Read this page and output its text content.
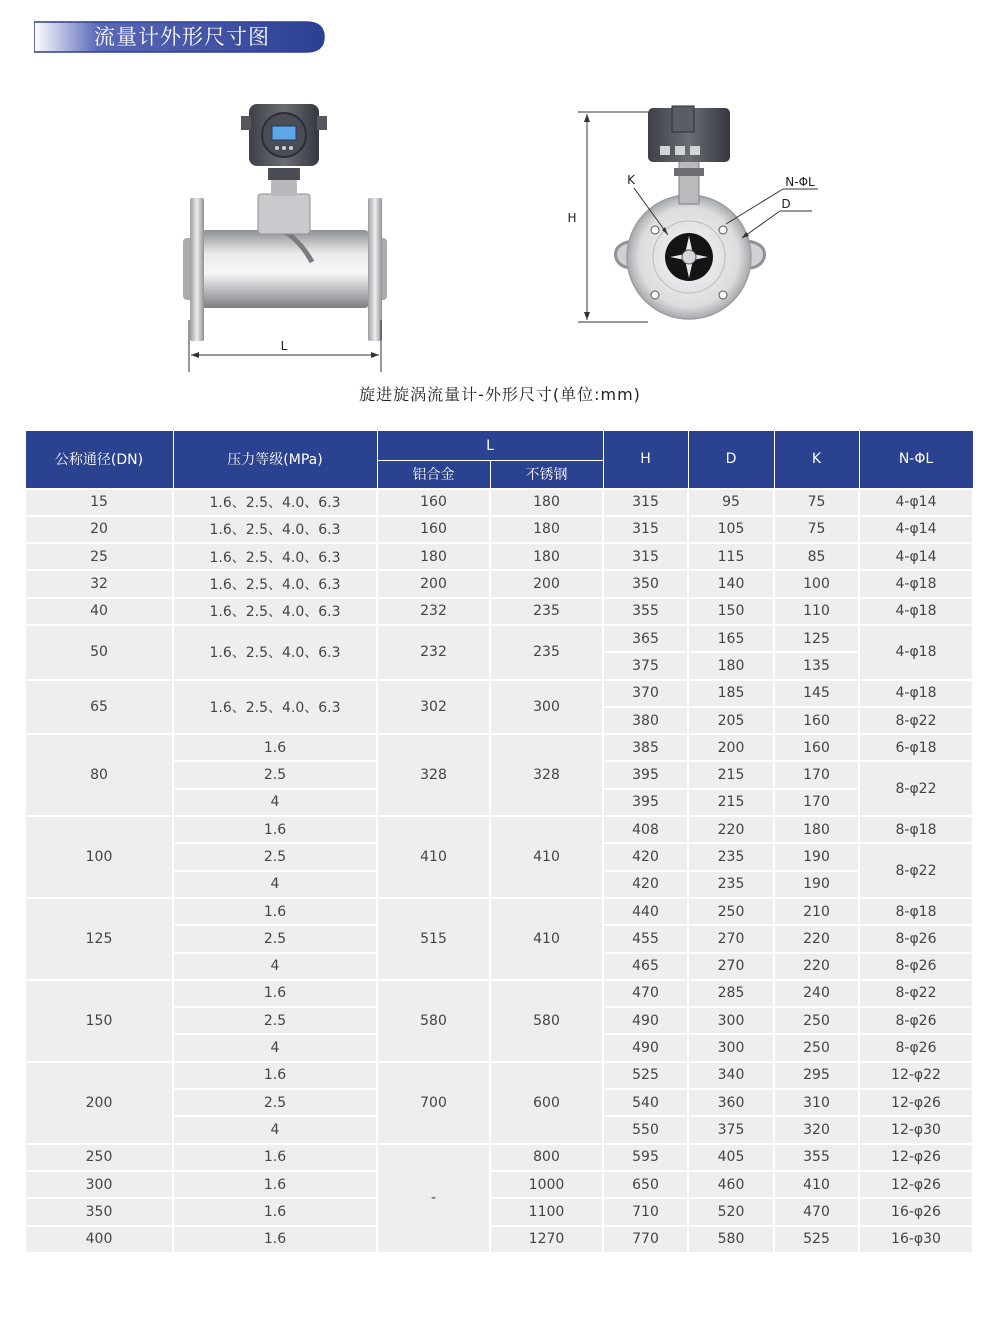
流量计外形尺寸图
L
H
K	N-ΦL
D
旋进旋涡流量计-外形尺寸(单位:mm)
公称通径(DN)	压力等级(MPa)	L		H	D	K	N-ΦL
		铝合金	不锈钢				
15	1.6、2.5、4.0、6.3	160	180	315	95	75	4-φ14
20	1.6、2.5、4.0、6.3	160	180	315	105	75	4-φ14
25	1.6、2.5、4.0、6.3	180	180	315	115	85	4-φ14
32	1.6、2.5、4.0、6.3	200	200	350	140	100	4-φ18
40	1.6、2.5、4.0、6.3	232	235	355	150	110	4-φ18
50	1.6、2.5、4.0、6.3	232	235	365	165	125	4-φ18
				375	180	135	
65	1.6、2.5、4.0、6.3	302	300	370	185	145	4-φ18
				380	205	160	8-φ22
80	1.6	328	328	385	200	160	6-φ18
	2.5			395	215	170	8-φ22
	4			395	215	170	
100	1.6	410	410	408	220	180	8-φ18
	2.5			420	235	190	8-φ22
	4			420	235	190	
125	1.6	515	410	440	250	210	8-φ18
	2.5			455	270	220	8-φ26
	4			465	270	220	8-φ26
150	1.6	580	580	470	285	240	8-φ22
	2.5			490	300	250	8-φ26
	4			490	300	250	8-φ26
200	1.6	700	600	525	340	295	12-φ22
	2.5			540	360	310	12-φ26
	4			550	375	320	12-φ30
250	1.6	-	800	595	405	355	12-φ26
300	1.6		1000	650	460	410	12-φ26
350	1.6		1100	710	520	470	16-φ26
400	1.6		1270	770	580	525	16-φ30
